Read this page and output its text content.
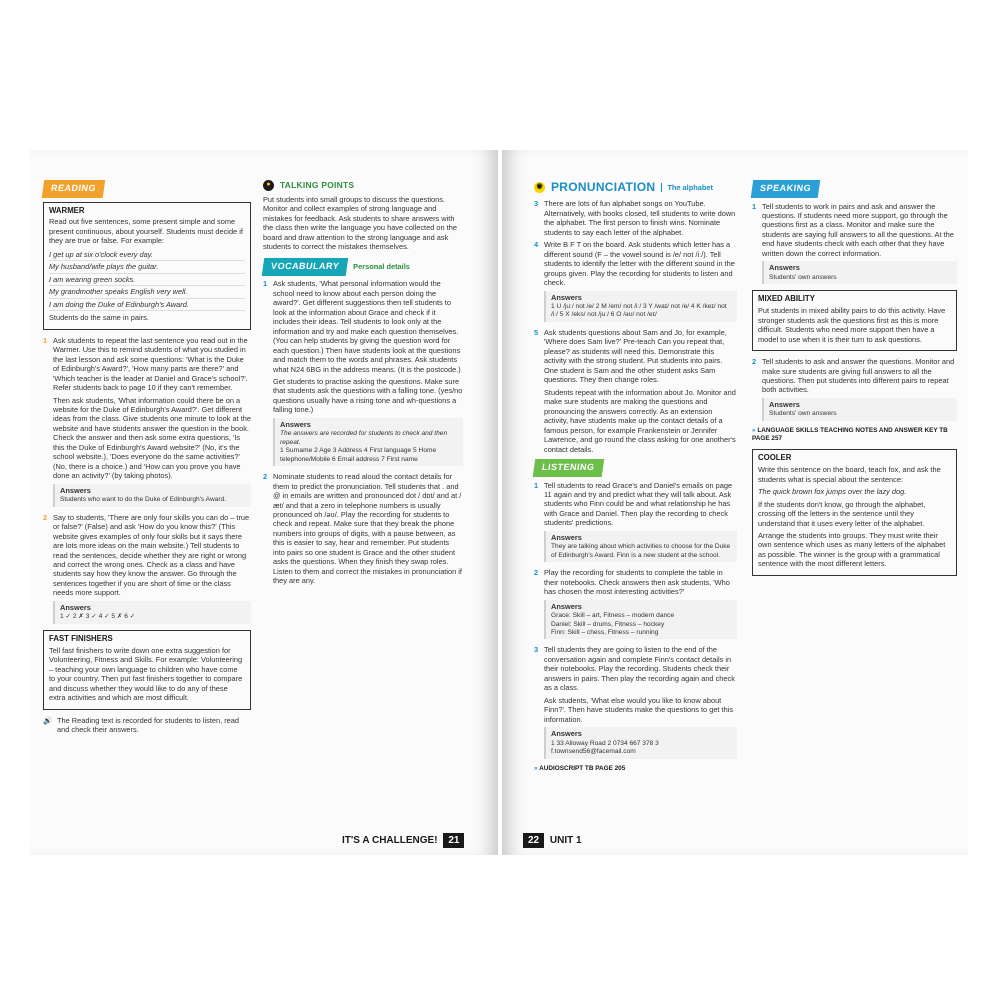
READING
WARMER

Read out five sentences, some present simple and some present continuous, about yourself. Students must decide if they are true or false. For example:

I get up at six o'clock every day.
My husband/wife plays the guitar.
I am wearing green socks.
My grandmother speaks English very well.
I am doing the Duke of Edinburgh's Award.

Students do the same in pairs.

1 Ask students to repeat the last sentence you read out in the Warmer. Use this to remind students of what you studied in the last lesson and ask some questions: 'What is the Duke of Edinburgh's Award?', 'How many parts are there?' and 'Which teacher is the leader at Daniel and Grace's school?'. Refer students back to page 10 if they can't remember.

Then ask students, 'What information could there be on a website for the Duke of Edinburgh's Award?'. Get different ideas from the class. Give students one minute to look at the website and have students answer the question in the book. Check the answer and then ask some extra questions, 'Is this the Duke of Edinburgh's Award website?' (No, it's the school website.), 'Does everyone do the same activities?' (No, there is a choice.) and 'How can you prove you have done an activity?' (by taking photos).

Answers
Students who want to do the Duke of Edinburgh's Award.
2 Say to students, 'There are only four skills you can do – true or false?' (False) and ask 'How do you know this?' (This website gives examples of only four skills but it says there are lots more ideas on the main website.) Tell students to read the sentences, decide whether they are right or wrong and correct the wrong ones. Check as a class and have students say how they know the answer. Go through the sentences together if you are short of time or the class needs more support.

Answers
1 ✓ 2 ✗ 3 ✓ 4 ✓ 5 ✗ 6 ✓
FAST FINISHERS

Tell fast finishers to write down one extra suggestion for Volunteering, Fitness and Skills. For example: Volunteering – teaching your own language to children who have come to your country. Then put fast finishers together to compare and discuss whether they would like to do any of these extra activities and which are most difficult.

🔊 The Reading text is recorded for students to listen, read and check their answers.

●	TALKING POINTS

Put students into small groups to discuss the questions. Monitor and collect examples of strong language and mistakes for feedback. Ask students to share answers with the class then write the language you have collected on the board and draw attention to the strong language and ask students to correct the mistakes themselves.

VOCABULARY	Personal details
1 Ask students, 'What personal information would the school need to know about each person doing the award?'. Get different suggestions then tell students to look at the information about Grace and check if it includes their ideas. Tell students to look only at the information and try and make each question themselves. (You can help students by giving the question word for each question.) Then have students look at the questions and match them to the words and phrases. Ask students what N24 6BG in the address means. (It is the postcode.)

Get students to practise asking the questions. Make sure that students ask the questions with a falling tone. (yes/no questions usually have a rising tone and wh-questions a falling tone.)

Answers
The answers are recorded for students to check and then repeat.
1 Surname 2 Age 3 Address 4 First language 5 Home telephone/Mobile 6 Email address 7 First name
2 Nominate students to read aloud the contact details for them to predict the pronunciation. Tell students that . and @ in emails are written and pronounced dot / dɒt/ and at /æt/ and that a zero in telephone numbers is usually pronounced oh /əʊ/. Play the recording for students to check and repeat. Make sure that they break the phone numbers into groups of digits, with a pause between, as this is easier to say, hear and remember. Put students into pairs so one student is Grace and the other student asks the questions. When they finish they swap roles. Listen to them and correct the mistakes in pronunciation if they are any.

IT'S A CHALLENGE! 21
◉ PRONUNCIATION	The alphabet
3 There are lots of fun alphabet songs on YouTube. Alternatively, with books closed, tell students to write down the alphabet. The first person to finish wins. Nominate students to say each letter of the alphabet.

4 Write B F T on the board. Ask students which letter has a different sound (F – the vowel sound is /e/ not /iː/). Tell students to identify the letter with the different sound in the groups given. Play the recording for students to listen and check.

Answers
1 U /juː/ not /e/ 2 M /em/ not /iː/ 3 Y /waɪ/ not /e/ 4 K /keɪ/ not /iː/ 5 X /eks/ not /juː/ 6 O /əʊ/ not /eɪ/
5 Ask students questions about Sam and Jo, for example, 'Where does Sam live?' Pre-teach Can you repeat that, please? as students will need this. Demonstrate this activity with the strong student. Put students into pairs. One student is Sam and the other student asks Sam questions. They then change roles.

Students repeat with the information about Jo. Monitor and make sure students are making the questions and pronouncing the answers correctly. As an extension activity, have students make up the contact details of a famous person, for example Frankenstein or Jennifer Lawrence, and go round the class asking for one another's contact details.

LISTENING
1 Tell students to read Grace's and Daniel's emails on page 11 again and try and predict what they will talk about. Ask students who Finn could be and what relationship he has with Grace and Daniel. Then play the recording to check students' predictions.

Answers
They are talking about which activities to choose for the Duke of Edinburgh's Award. Finn is a new student at the school.
2 Play the recording for students to complete the table in their notebooks. Check answers then ask students, 'Who has chosen the most interesting activities?'

Answers
Grace: Skill – art, Fitness – modern dance
Daniel: Skill – drums, Fitness – hockey
Finn: Skill – chess, Fitness – running
3 Tell students they are going to listen to the end of the conversation again and complete Finn's contact details in their notebooks. Play the recording. Students check their answers in pairs. Then play the recording again and check as a class.

Ask students, 'What else would you like to know about Finn?'. Then have students make the questions to get this information.

Answers
1 33 Alloway Road 2 0734 667 378 3 f.townsend56@facemail.com
» AUDIOSCRIPT TB PAGE 205
SPEAKING
1 Tell students to work in pairs and ask and answer the questions. If students need more support, go through the questions first as a class. Monitor and make sure the students are saying full answers to all the questions. At the end have students check with each other that they have written down the correct information.

Answers
Students' own answers
MIXED ABILITY

Put students in mixed ability pairs to do this activity. Have stronger students ask the questions first as this is more difficult. Students who need more support then have a model to use when it is their turn to ask questions.

2 Tell students to ask and answer the questions. Monitor and make sure students are giving full answers to all the questions. Then put students into different pairs to repeat both activities.

Answers
Students' own answers
» LANGUAGE SKILLS TEACHING NOTES AND ANSWER KEY TB PAGE 257
COOLER

Write this sentence on the board, teach fox, and ask the students what is special about the sentence:

The quick brown fox jumps over the lazy dog.

If the students don't know, go through the alphabet, crossing off the letters in the sentence until they understand that it uses every letter of the alphabet.

Arrange the students into groups. They must write their own sentence which uses as many letters of the alphabet as possible. The winner is the group with a grammatical sentence with the most different letters.

22 UNIT 1
